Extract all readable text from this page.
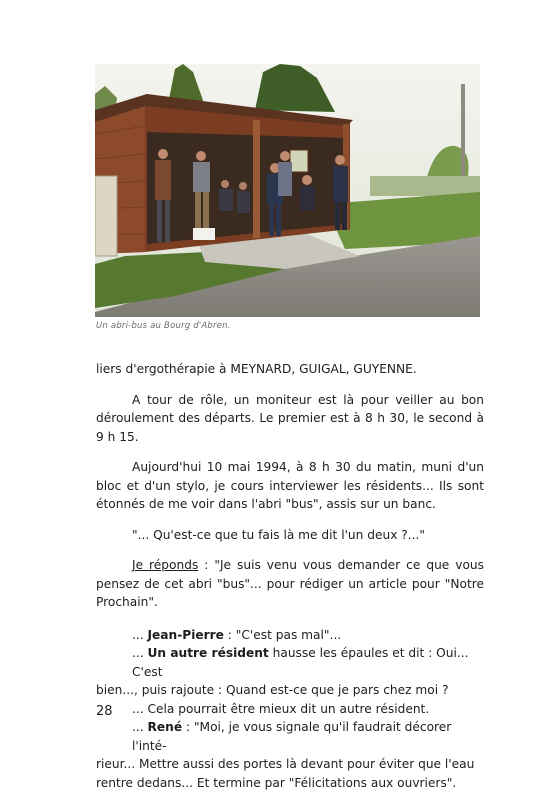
Un abri-bus au Bourg d'Abren.

liers d'ergothérapie à MEYNARD, GUIGAL, GUYENNE.

A tour de rôle, un moniteur est là pour veiller au bon déroulement des départs. Le premier est à 8 h 30, le second à 9 h 15.

Aujourd'hui 10 mai 1994, à 8 h 30 du matin, muni d'un bloc et d'un stylo, je cours interviewer les résidents... Ils sont étonnés de me voir dans l'abri "bus", assis sur un banc.

"... Qu'est-ce que tu fais là me dit l'un deux ?..."

Je réponds : "Je suis venu vous demander ce que vous pensez de cet abri "bus"... pour rédiger un article pour "Notre Prochain".

... Jean-Pierre : "C'est pas mal"...

... Un autre résident hausse les épaules et dit : Oui... C'est

bien..., puis rajoute : Quand est-ce que je pars chez moi ?

... Cela pourrait être mieux dit un autre résident.

... René : "Moi, je vous signale qu'il faudrait décorer l'inté-

rieur... Mettre aussi des portes là devant pour éviter que l'eau rentre dedans... Et termine par "Félicitations aux ouvriers".

28
